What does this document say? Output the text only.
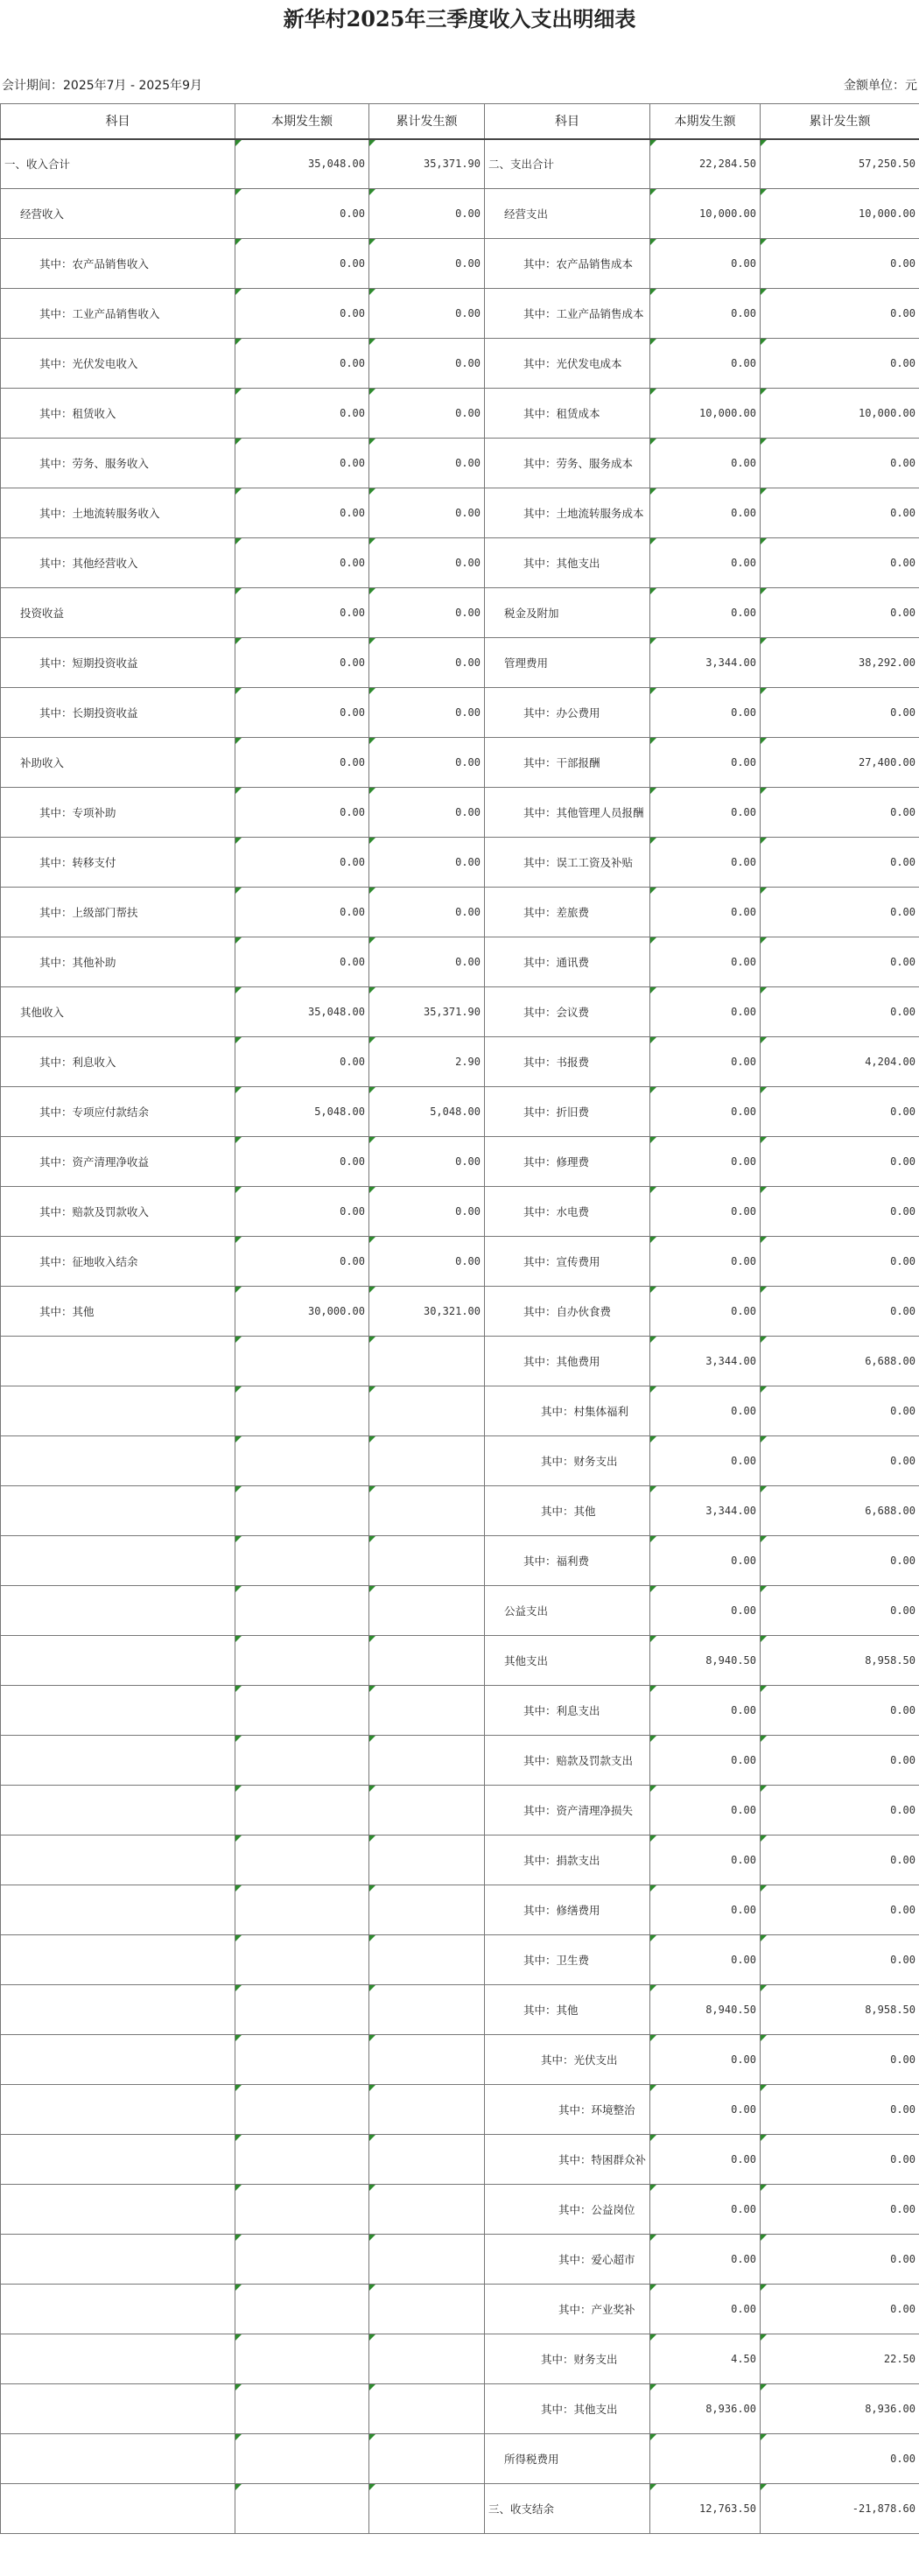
新华村2025年三季度收入支出明细表
会计期间：2025年7月 - 2025年9月	金额单位：元
科目	本期发生额	累计发生额	科目	本期发生额	累计发生额
一、收入合计	35,048.00	35,371.90	二、支出合计	22,284.50	57,250.50
经营收入	0.00	0.00	经营支出	10,000.00	10,000.00
其中：农产品销售收入	0.00	0.00	其中：农产品销售成本	0.00	0.00
其中：工业产品销售收入	0.00	0.00	其中：工业产品销售成本	0.00	0.00
其中：光伏发电收入	0.00	0.00	其中：光伏发电成本	0.00	0.00
其中：租赁收入	0.00	0.00	其中：租赁成本	10,000.00	10,000.00
其中：劳务、服务收入	0.00	0.00	其中：劳务、服务成本	0.00	0.00
其中：土地流转服务收入	0.00	0.00	其中：土地流转服务成本	0.00	0.00
其中：其他经营收入	0.00	0.00	其中：其他支出	0.00	0.00
投资收益	0.00	0.00	税金及附加	0.00	0.00
其中：短期投资收益	0.00	0.00	管理费用	3,344.00	38,292.00
其中：长期投资收益	0.00	0.00	其中：办公费用	0.00	0.00
补助收入	0.00	0.00	其中：干部报酬	0.00	27,400.00
其中：专项补助	0.00	0.00	其中：其他管理人员报酬	0.00	0.00
其中：转移支付	0.00	0.00	其中：误工工资及补贴	0.00	0.00
其中：上级部门帮扶	0.00	0.00	其中：差旅费	0.00	0.00
其中：其他补助	0.00	0.00	其中：通讯费	0.00	0.00
其他收入	35,048.00	35,371.90	其中：会议费	0.00	0.00
其中：利息收入	0.00	2.90	其中：书报费	0.00	4,204.00
其中：专项应付款结余	5,048.00	5,048.00	其中：折旧费	0.00	0.00
其中：资产清理净收益	0.00	0.00	其中：修理费	0.00	0.00
其中：赔款及罚款收入	0.00	0.00	其中：水电费	0.00	0.00
其中：征地收入结余	0.00	0.00	其中：宣传费用	0.00	0.00
其中：其他	30,000.00	30,321.00	其中：自办伙食费	0.00	0.00
			其中：其他费用	3,344.00	6,688.00
			其中：村集体福利	0.00	0.00
			其中：财务支出	0.00	0.00
			其中：其他	3,344.00	6,688.00
			其中：福利费	0.00	0.00
			公益支出	0.00	0.00
			其他支出	8,940.50	8,958.50
			其中：利息支出	0.00	0.00
			其中：赔款及罚款支出	0.00	0.00
			其中：资产清理净损失	0.00	0.00
			其中：捐款支出	0.00	0.00
			其中：修缮费用	0.00	0.00
			其中：卫生费	0.00	0.00
			其中：其他	8,940.50	8,958.50
			其中：光伏支出	0.00	0.00
			其中：环境整治	0.00	0.00
			其中：特困群众补	0.00	0.00
			其中：公益岗位	0.00	0.00
			其中：爱心超市	0.00	0.00
			其中：产业奖补	0.00	0.00
			其中：财务支出	4.50	22.50
			其中：其他支出	8,936.00	8,936.00
			所得税费用		0.00
			三、收支结余	12,763.50	-21,878.60
